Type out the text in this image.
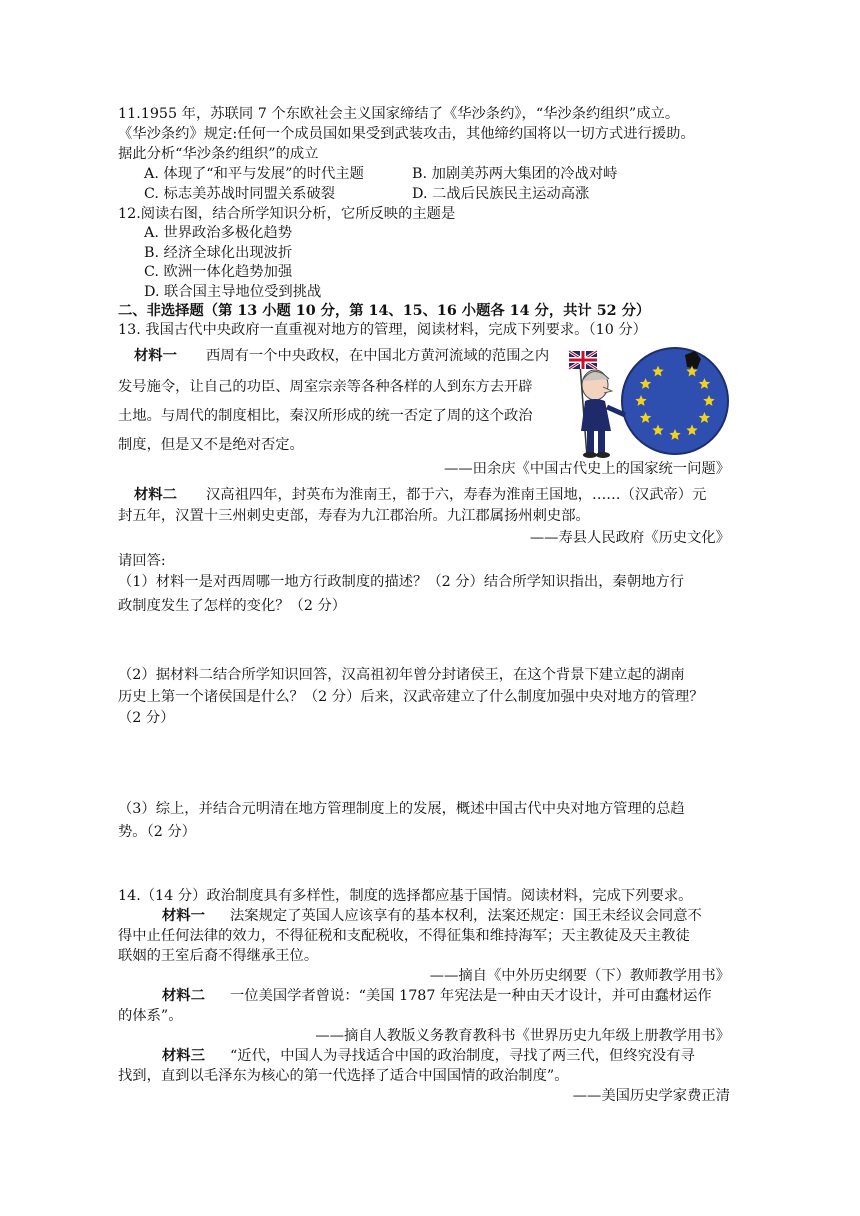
11.1955 年，苏联同 7 个东欧社会主义国家缔结了《华沙条约》，“华沙条约组织”成立。
《华沙条约》规定:任何一个成员国如果受到武装攻击，其他缔约国将以一切方式进行援助。
据此分析“华沙条约组织”的成立
A. 体现了“和平与发展”的时代主题	B. 加剧美苏两大集团的冷战对峙
C. 标志美苏战时同盟关系破裂	D. 二战后民族民主运动高涨
12.阅读右图，结合所学知识分析，它所反映的主题是
A. 世界政治多极化趋势
B. 经济全球化出现波折
C. 欧洲一体化趋势加强
D. 联合国主导地位受到挑战
二、非选择题（第 13 小题 10 分，第 14、15、16 小题各 14 分，共计 52 分）
13. 我国古代中央政府一直重视对地方的管理，阅读材料，完成下列要求。（10 分）
材料一 西周有一个中央政权，在中国北方黄河流域的范围之内
发号施令，让自己的功臣、周室宗亲等各种各样的人到东方去开辟
土地。与周代的制度相比，秦汉所形成的统一否定了周的这个政治
制度，但是又不是绝对否定。
——田余庆《中国古代史上的国家统一问题》
材料二 汉高祖四年，封英布为淮南王，都于六，寿春为淮南王国地，……（汉武帝）元
封五年，汉置十三州刺史吏部，寿春为九江郡治所。九江郡属扬州刺史部。
——寿县人民政府《历史文化》
请回答:
（1）材料一是对西周哪一地方行政制度的描述？（2 分）结合所学知识指出，秦朝地方行
政制度发生了怎样的变化？（2 分）
（2）据材料二结合所学知识回答，汉高祖初年曾分封诸侯王，在这个背景下建立起的湖南
历史上第一个诸侯国是什么？（2 分）后来，汉武帝建立了什么制度加强中央对地方的管理？
（2 分）
（3）综上，并结合元明清在地方管理制度上的发展，概述中国古代中央对地方管理的总趋
势。（2 分）
14.（14 分）政治制度具有多样性，制度的选择都应基于国情。阅读材料，完成下列要求。
材料一 法案规定了英国人应该享有的基本权利，法案还规定：国王未经议会同意不
得中止任何法律的效力，不得征税和支配税收，不得征集和维持海军；天主教徒及天主教徒
联姻的王室后裔不得继承王位。
——摘自《中外历史纲要（下）教师教学用书》
材料二 一位美国学者曾说：“美国 1787 年宪法是一种由天才设计，并可由蠢材运作
的体系”。
——摘自人教版义务教育教科书《世界历史九年级上册教学用书》
材料三 “近代，中国人为寻找适合中国的政治制度，寻找了两三代，但终究没有寻
找到，直到以毛泽东为核心的第一代选择了适合中国国情的政治制度”。
——美国历史学家费正清
